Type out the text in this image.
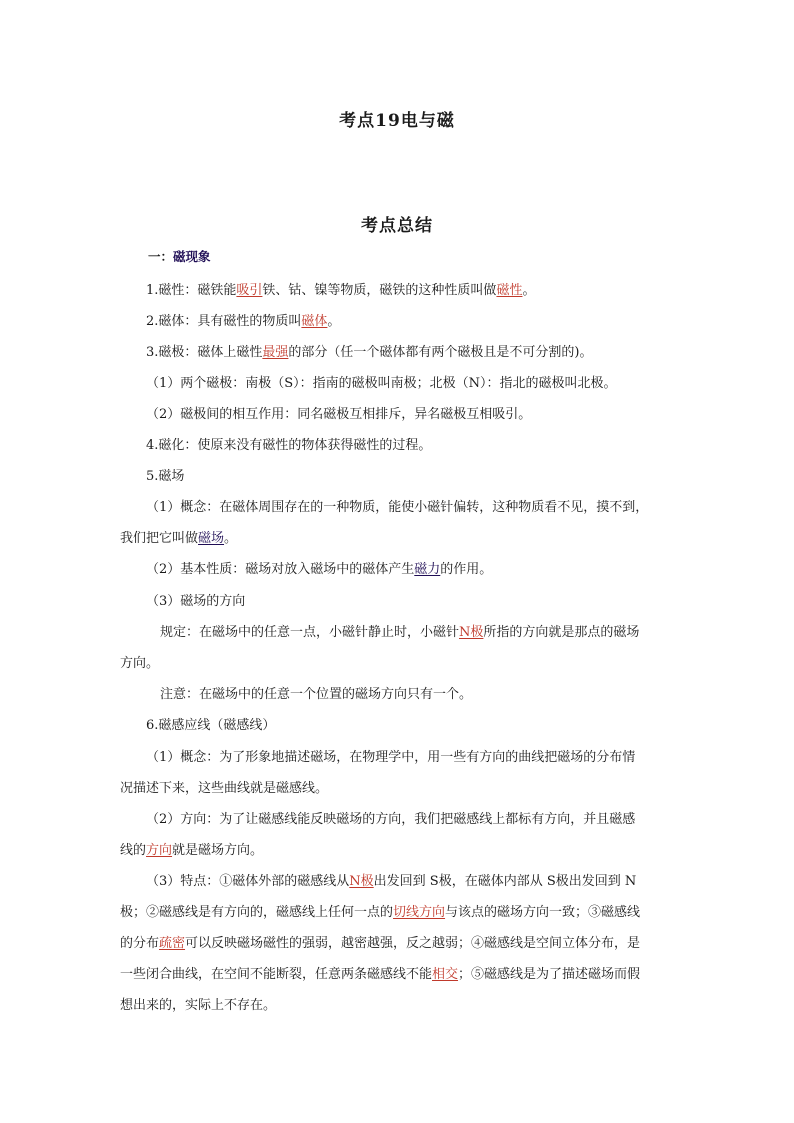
考点19电与磁
考点总结
一：磁现象
1.磁性：磁铁能吸引铁、钴、镍等物质，磁铁的这种性质叫做磁性。
2.磁体：具有磁性的物质叫磁体。
3.磁极：磁体上磁性最强的部分（任一个磁体都有两个磁极且是不可分割的)。
（1）两个磁极：南极（S）：指南的磁极叫南极；北极（N）：指北的磁极叫北极。
（2）磁极间的相互作用：同名磁极互相排斥，异名磁极互相吸引。
4.磁化：使原来没有磁性的物体获得磁性的过程。
5.磁场
（1）概念：在磁体周围存在的一种物质，能使小磁针偏转，这种物质看不见，摸不到，
我们把它叫做磁场。
（2）基本性质：磁场对放入磁场中的磁体产生磁力的作用。
（3）磁场的方向
规定：在磁场中的任意一点，小磁针静止时，小磁针N极所指的方向就是那点的磁场
方向。
注意：在磁场中的任意一个位置的磁场方向只有一个。
6.磁感应线（磁感线）
（1）概念：为了形象地描述磁场，在物理学中，用一些有方向的曲线把磁场的分布情
况描述下来，这些曲线就是磁感线。
（2）方向：为了让磁感线能反映磁场的方向，我们把磁感线上都标有方向，并且磁感
线的方向就是磁场方向。
（3）特点：①磁体外部的磁感线从N极出发回到 S极，在磁体内部从 S极出发回到 N
极；②磁感线是有方向的，磁感线上任何一点的切线方向与该点的磁场方向一致；③磁感线
的分布疏密可以反映磁场磁性的强弱，越密越强，反之越弱；④磁感线是空间立体分布，是
一些闭合曲线，在空间不能断裂，任意两条磁感线不能相交；⑤磁感线是为了描述磁场而假
想出来的，实际上不存在。
